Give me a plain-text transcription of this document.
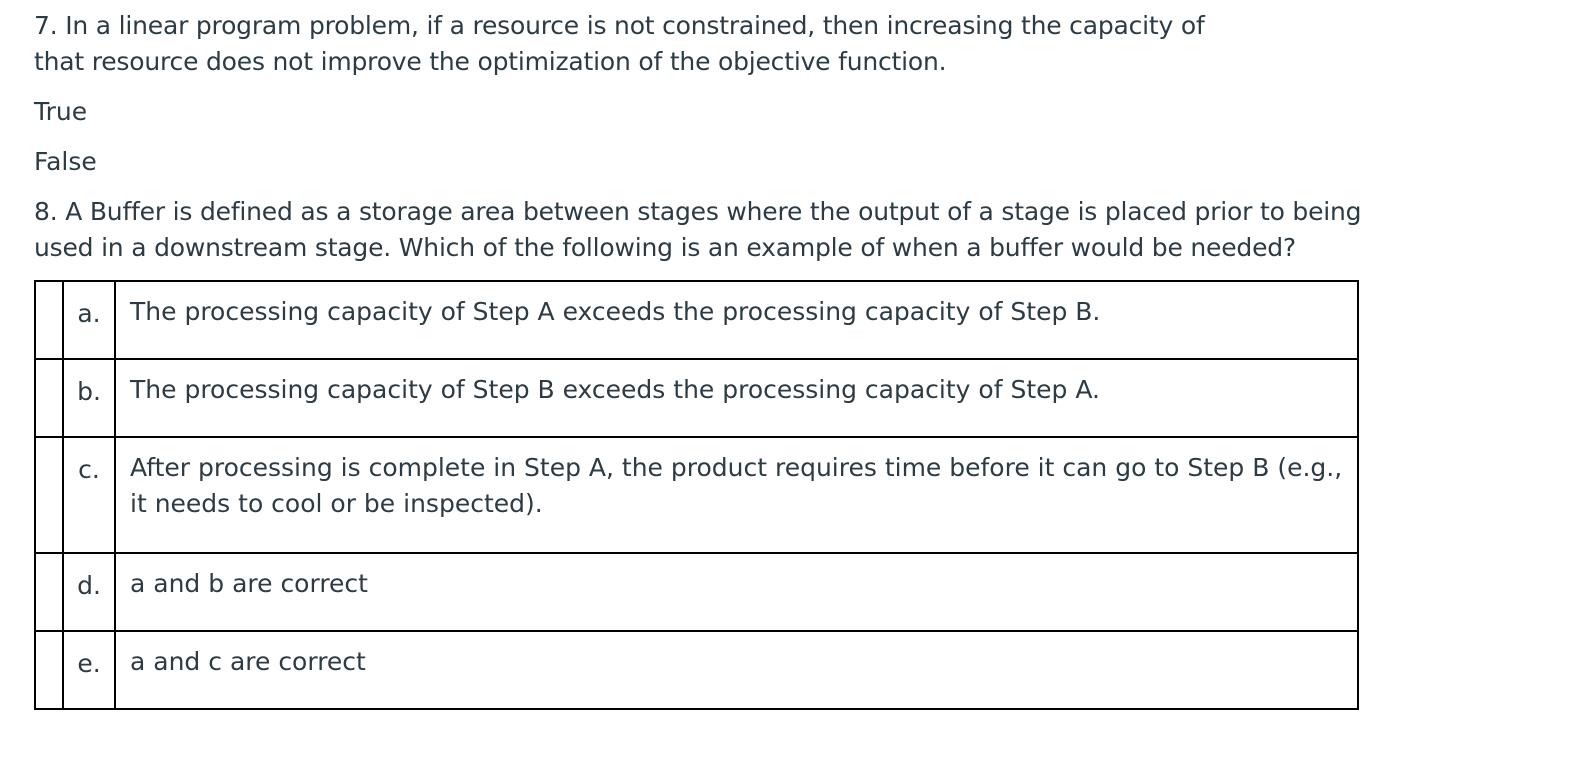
7. In a linear program problem, if a resource is not constrained, then increasing the capacity of that resource does not improve the optimization of the objective function.

True
False

8. A Buffer is defined as a storage area between stages where the output of a stage is placed prior to being used in a downstream stage. Which of the following is an example of when a buffer would be needed?

	a.	The processing capacity of Step A exceeds the processing capacity of Step B.
	b.	The processing capacity of Step B exceeds the processing capacity of Step A.
	c.	After processing is complete in Step A, the product requires time before it can go to Step B (e.g., it needs to cool or be inspected).
	d.	a and b are correct
	e.	a and c are correct
